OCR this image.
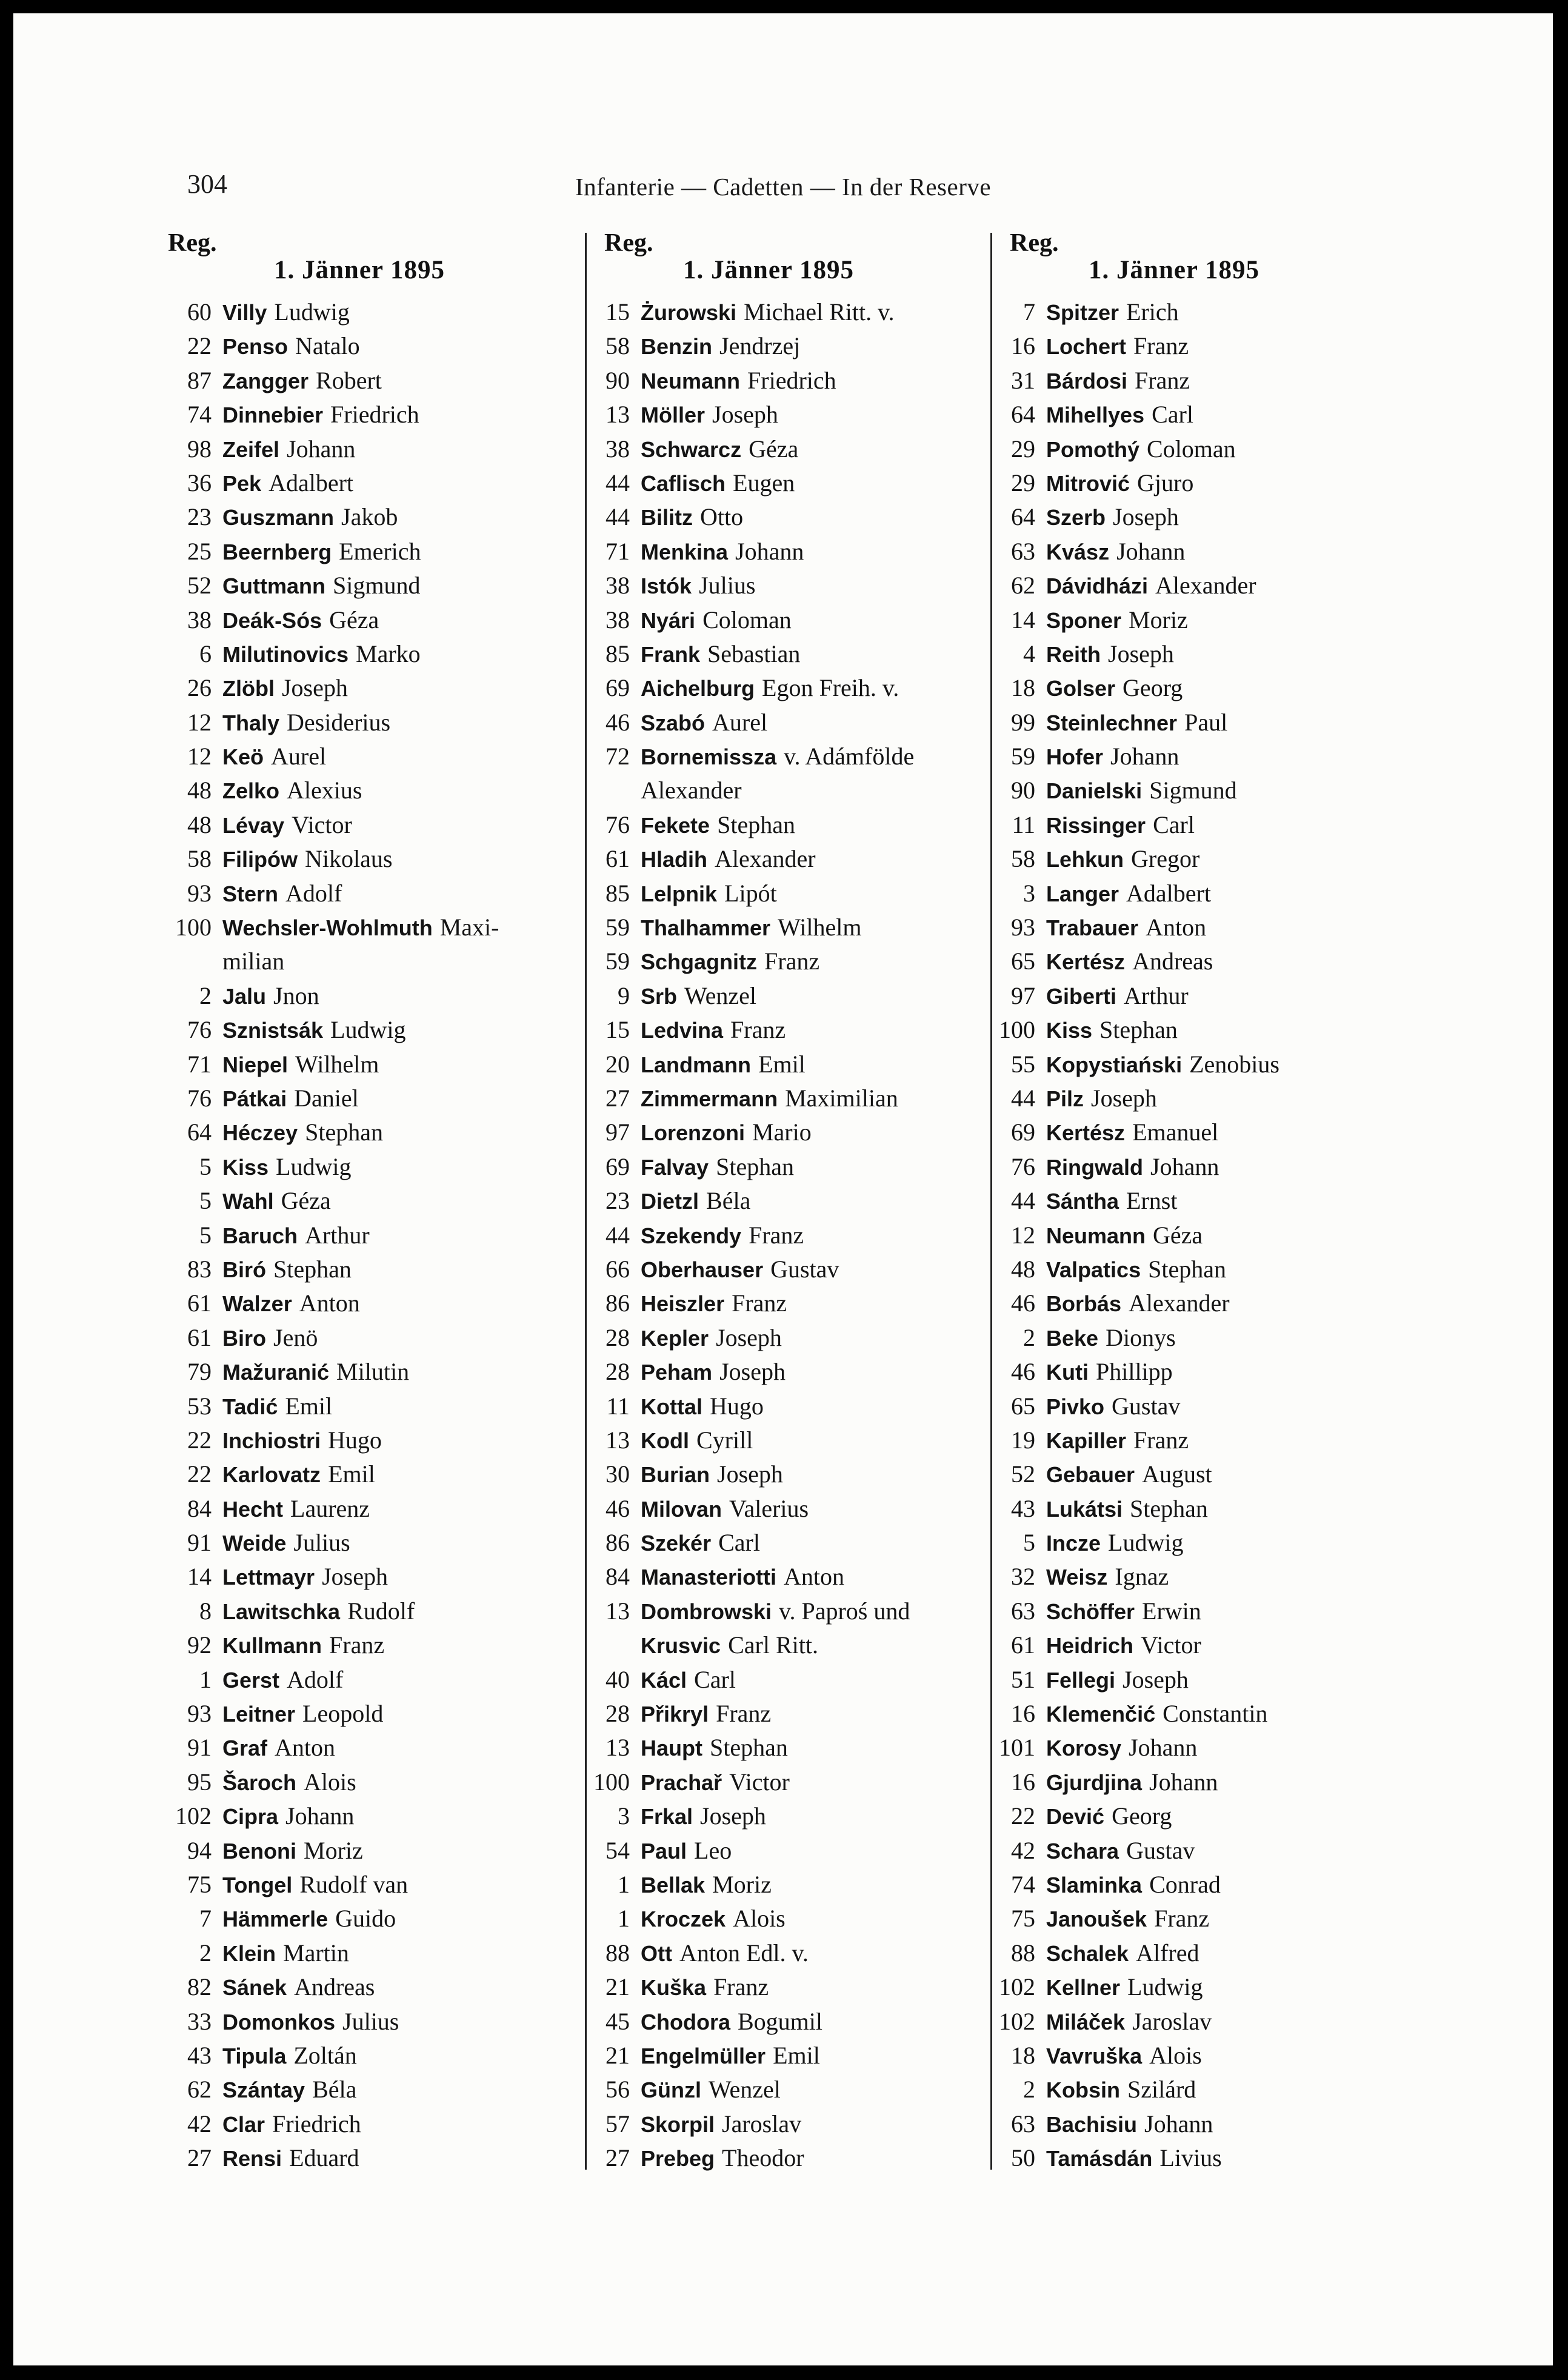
304	Infanterie — Cadetten — In der Reserve
Reg.
1. Jänner 1895
60 Villy Ludwig
22 Penso Natalo
87 Zangger Robert
74 Dinnebier Friedrich
98 Zeifel Johann
36 Pek Adalbert
23 Guszmann Jakob
25 Beernberg Emerich
52 Guttmann Sigmund
38 Deák-Sós Géza
6 Milutinovics Marko
26 Zlöbl Joseph
12 Thaly Desiderius
12 Keö Aurel
48 Zelko Alexius
48 Lévay Victor
58 Filipów Nikolaus
93 Stern Adolf
100 Wechsler-Wohlmuth Maxi-
milian
2 Jalu Jnon
76 Sznistsák Ludwig
71 Niepel Wilhelm
76 Pátkai Daniel
64 Héczey Stephan
5 Kiss Ludwig
5 Wahl Géza
5 Baruch Arthur
83 Biró Stephan
61 Walzer Anton
61 Biro Jenö
79 Mažuranić Milutin
53 Tadić Emil
22 Inchiostri Hugo
22 Karlovatz Emil
84 Hecht Laurenz
91 Weide Julius
14 Lettmayr Joseph
8 Lawitschka Rudolf
92 Kullmann Franz
1 Gerst Adolf
93 Leitner Leopold
91 Graf Anton
95 Šaroch Alois
102 Cipra Johann
94 Benoni Moriz
75 Tongel Rudolf van
7 Hämmerle Guido
2 Klein Martin
82 Sánek Andreas
33 Domonkos Julius
43 Tipula Zoltán
62 Szántay Béla
42 Clar Friedrich
27 Rensi Eduard
Reg.
1. Jänner 1895
15 Żurowski Michael Ritt. v.
58 Benzin Jendrzej
90 Neumann Friedrich
13 Möller Joseph
38 Schwarcz Géza
44 Caflisch Eugen
44 Bilitz Otto
71 Menkina Johann
38 Istók Julius
38 Nyári Coloman
85 Frank Sebastian
69 Aichelburg Egon Freih. v.
46 Szabó Aurel
72 Bornemissza v. Adámfölde
Alexander
76 Fekete Stephan
61 Hladih Alexander
85 Lelpnik Lipót
59 Thalhammer Wilhelm
59 Schgagnitz Franz
9 Srb Wenzel
15 Ledvina Franz
20 Landmann Emil
27 Zimmermann Maximilian
97 Lorenzoni Mario
69 Falvay Stephan
23 Dietzl Béla
44 Szekendy Franz
66 Oberhauser Gustav
86 Heiszler Franz
28 Kepler Joseph
28 Peham Joseph
11 Kottal Hugo
13 Kodl Cyrill
30 Burian Joseph
46 Milovan Valerius
86 Szekér Carl
84 Manasteriotti Anton
13 Dombrowski v. Paproś und
Krusvic Carl Ritt.
40 Kácl Carl
28 Přikryl Franz
13 Haupt Stephan
100 Prachař Victor
3 Frkal Joseph
54 Paul Leo
1 Bellak Moriz
1 Kroczek Alois
88 Ott Anton Edl. v.
21 Kuška Franz
45 Chodora Bogumil
21 Engelmüller Emil
56 Günzl Wenzel
57 Skorpil Jaroslav
27 Prebeg Theodor
Reg.
1. Jänner 1895
7 Spitzer Erich
16 Lochert Franz
31 Bárdosi Franz
64 Mihellyes Carl
29 Pomothý Coloman
29 Mitrović Gjuro
64 Szerb Joseph
63 Kvász Johann
62 Dávidházi Alexander
14 Sponer Moriz
4 Reith Joseph
18 Golser Georg
99 Steinlechner Paul
59 Hofer Johann
90 Danielski Sigmund
11 Rissinger Carl
58 Lehkun Gregor
3 Langer Adalbert
93 Trabauer Anton
65 Kertész Andreas
97 Giberti Arthur
100 Kiss Stephan
55 Kopystiański Zenobius
44 Pilz Joseph
69 Kertész Emanuel
76 Ringwald Johann
44 Sántha Ernst
12 Neumann Géza
48 Valpatics Stephan
46 Borbás Alexander
2 Beke Dionys
46 Kuti Phillipp
65 Pivko Gustav
19 Kapiller Franz
52 Gebauer August
43 Lukátsi Stephan
5 Incze Ludwig
32 Weisz Ignaz
63 Schöffer Erwin
61 Heidrich Victor
51 Fellegi Joseph
16 Klemenčić Constantin
101 Korosy Johann
16 Gjurdjina Johann
22 Dević Georg
42 Schara Gustav
74 Slaminka Conrad
75 Janoušek Franz
88 Schalek Alfred
102 Kellner Ludwig
102 Miláček Jaroslav
18 Vavruška Alois
2 Kobsin Szilárd
63 Bachisiu Johann
50 Tamásdán Livius
